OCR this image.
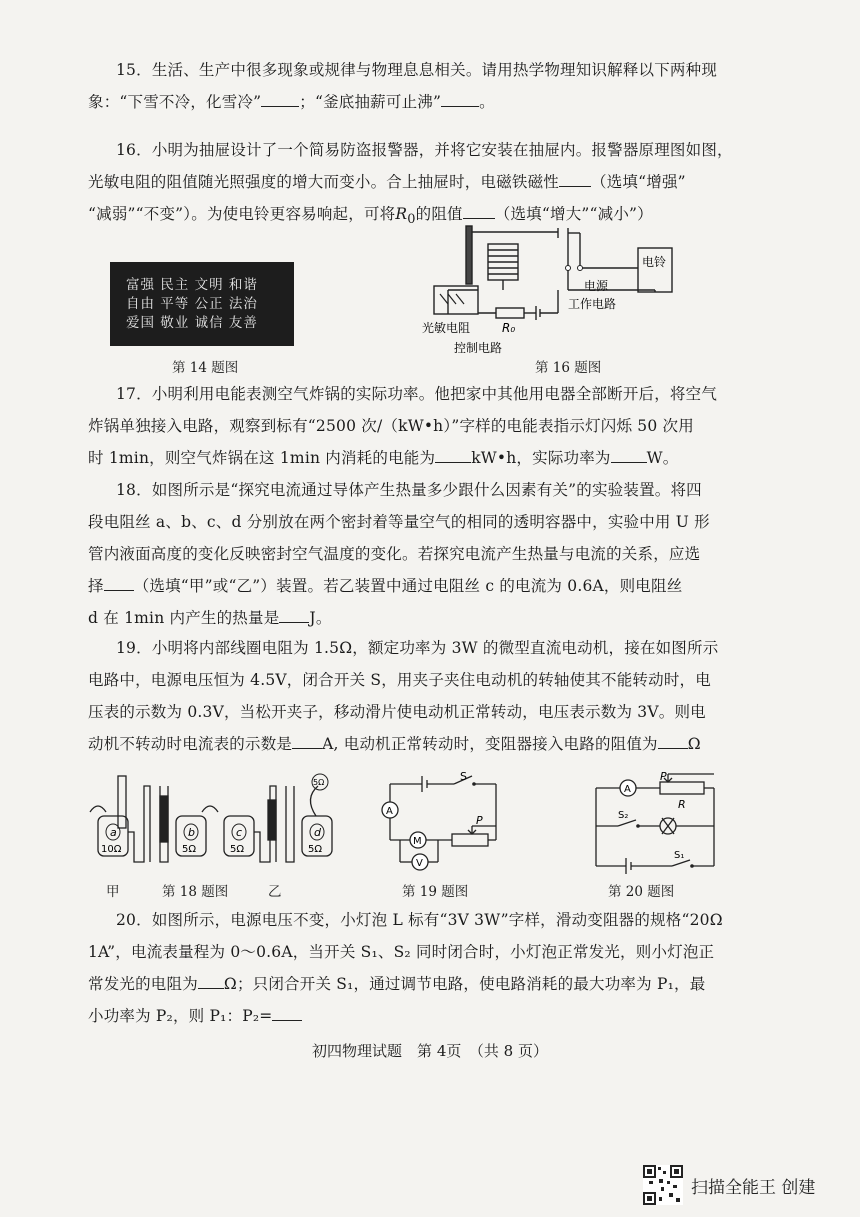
15．生活、生产中很多现象或规律与物理息息相关。请用热学物理知识解释以下两种现

象：“下雪不冷，化雪冷” ；“釜底抽薪可止沸” 。

16．小明为抽屉设计了一个简易防盗报警器，并将它安装在抽屉内。报警器原理图如图，

光敏电阻的阻值随光照强度的增大而变小。合上抽屉时，电磁铁磁性 （选填“增强”

“减弱”“不变”）。为使电铃更容易响起，可将$R_0$的阻值 （选填“增大”“减小”）

富强 民主 文明 和谐
自由 平等 公正 法治
爱国 敬业 诚信 友善
第 14 题图
电铃
电源
工作电路
光敏电阻	R₀
控制电路
第 16 题图

17．小明利用电能表测空气炸锅的实际功率。他把家中其他用电器全部断开后，将空气

炸锅单独接入电路，观察到标有“2500 次/（kW•h）”字样的电能表指示灯闪烁 50 次用

时 1min，则空气炸锅在这 1min 内消耗的电能为 kW•h，实际功率为 W。

18．如图所示是“探究电流通过导体产生热量多少跟什么因素有关”的实验装置。将四

段电阻丝 a、b、c、d 分别放在两个密封着等量空气的相同的透明容器中，实验中用 U 形

管内液面高度的变化反映密封空气温度的变化。若探究电流产生热量与电流的关系，应选

择 （选填“甲”或“乙”）装置。若乙装置中通过电阻丝 c 的电流为 0.6A，则电阻丝

d 在 1min 内产生的热量是 J。

19．小明将内部线圈电阻为 1.5Ω，额定功率为 3W 的微型直流电动机，接在如图所示

电路中，电源电压恒为 4.5V，闭合开关 S，用夹子夹住电动机的转轴使其不能转动时，电

压表的示数为 0.3V，当松开夹子，移动滑片使电动机正常转动，电压表示数为 3V。则电

动机不转动时电流表的示数是 A, 电动机正常转动时，变阻器接入电路的阻值为 Ω

a	b	c	d
10Ω	5Ω	5Ω	5Ω
5Ω
甲	第 18 题图	乙
S
A
M
V
P
第 19 题图
A
P
R
S₂
S₁
第 20 题图

20．如图所示，电源电压不变，小灯泡 L 标有“3V 3W”字样，滑动变阻器的规格“20Ω

1A”，电流表量程为 0～0.6A，当开关 S₁、S₂ 同时闭合时，小灯泡正常发光，则小灯泡正

常发光的电阻为 Ω；只闭合开关 S₁，通过调节电路，使电路消耗的最大功率为 P₁，最

小功率为 P₂，则 P₁：P₂=

初四物理试题　第 4页　（共 8 页）
扫描全能王 创建
